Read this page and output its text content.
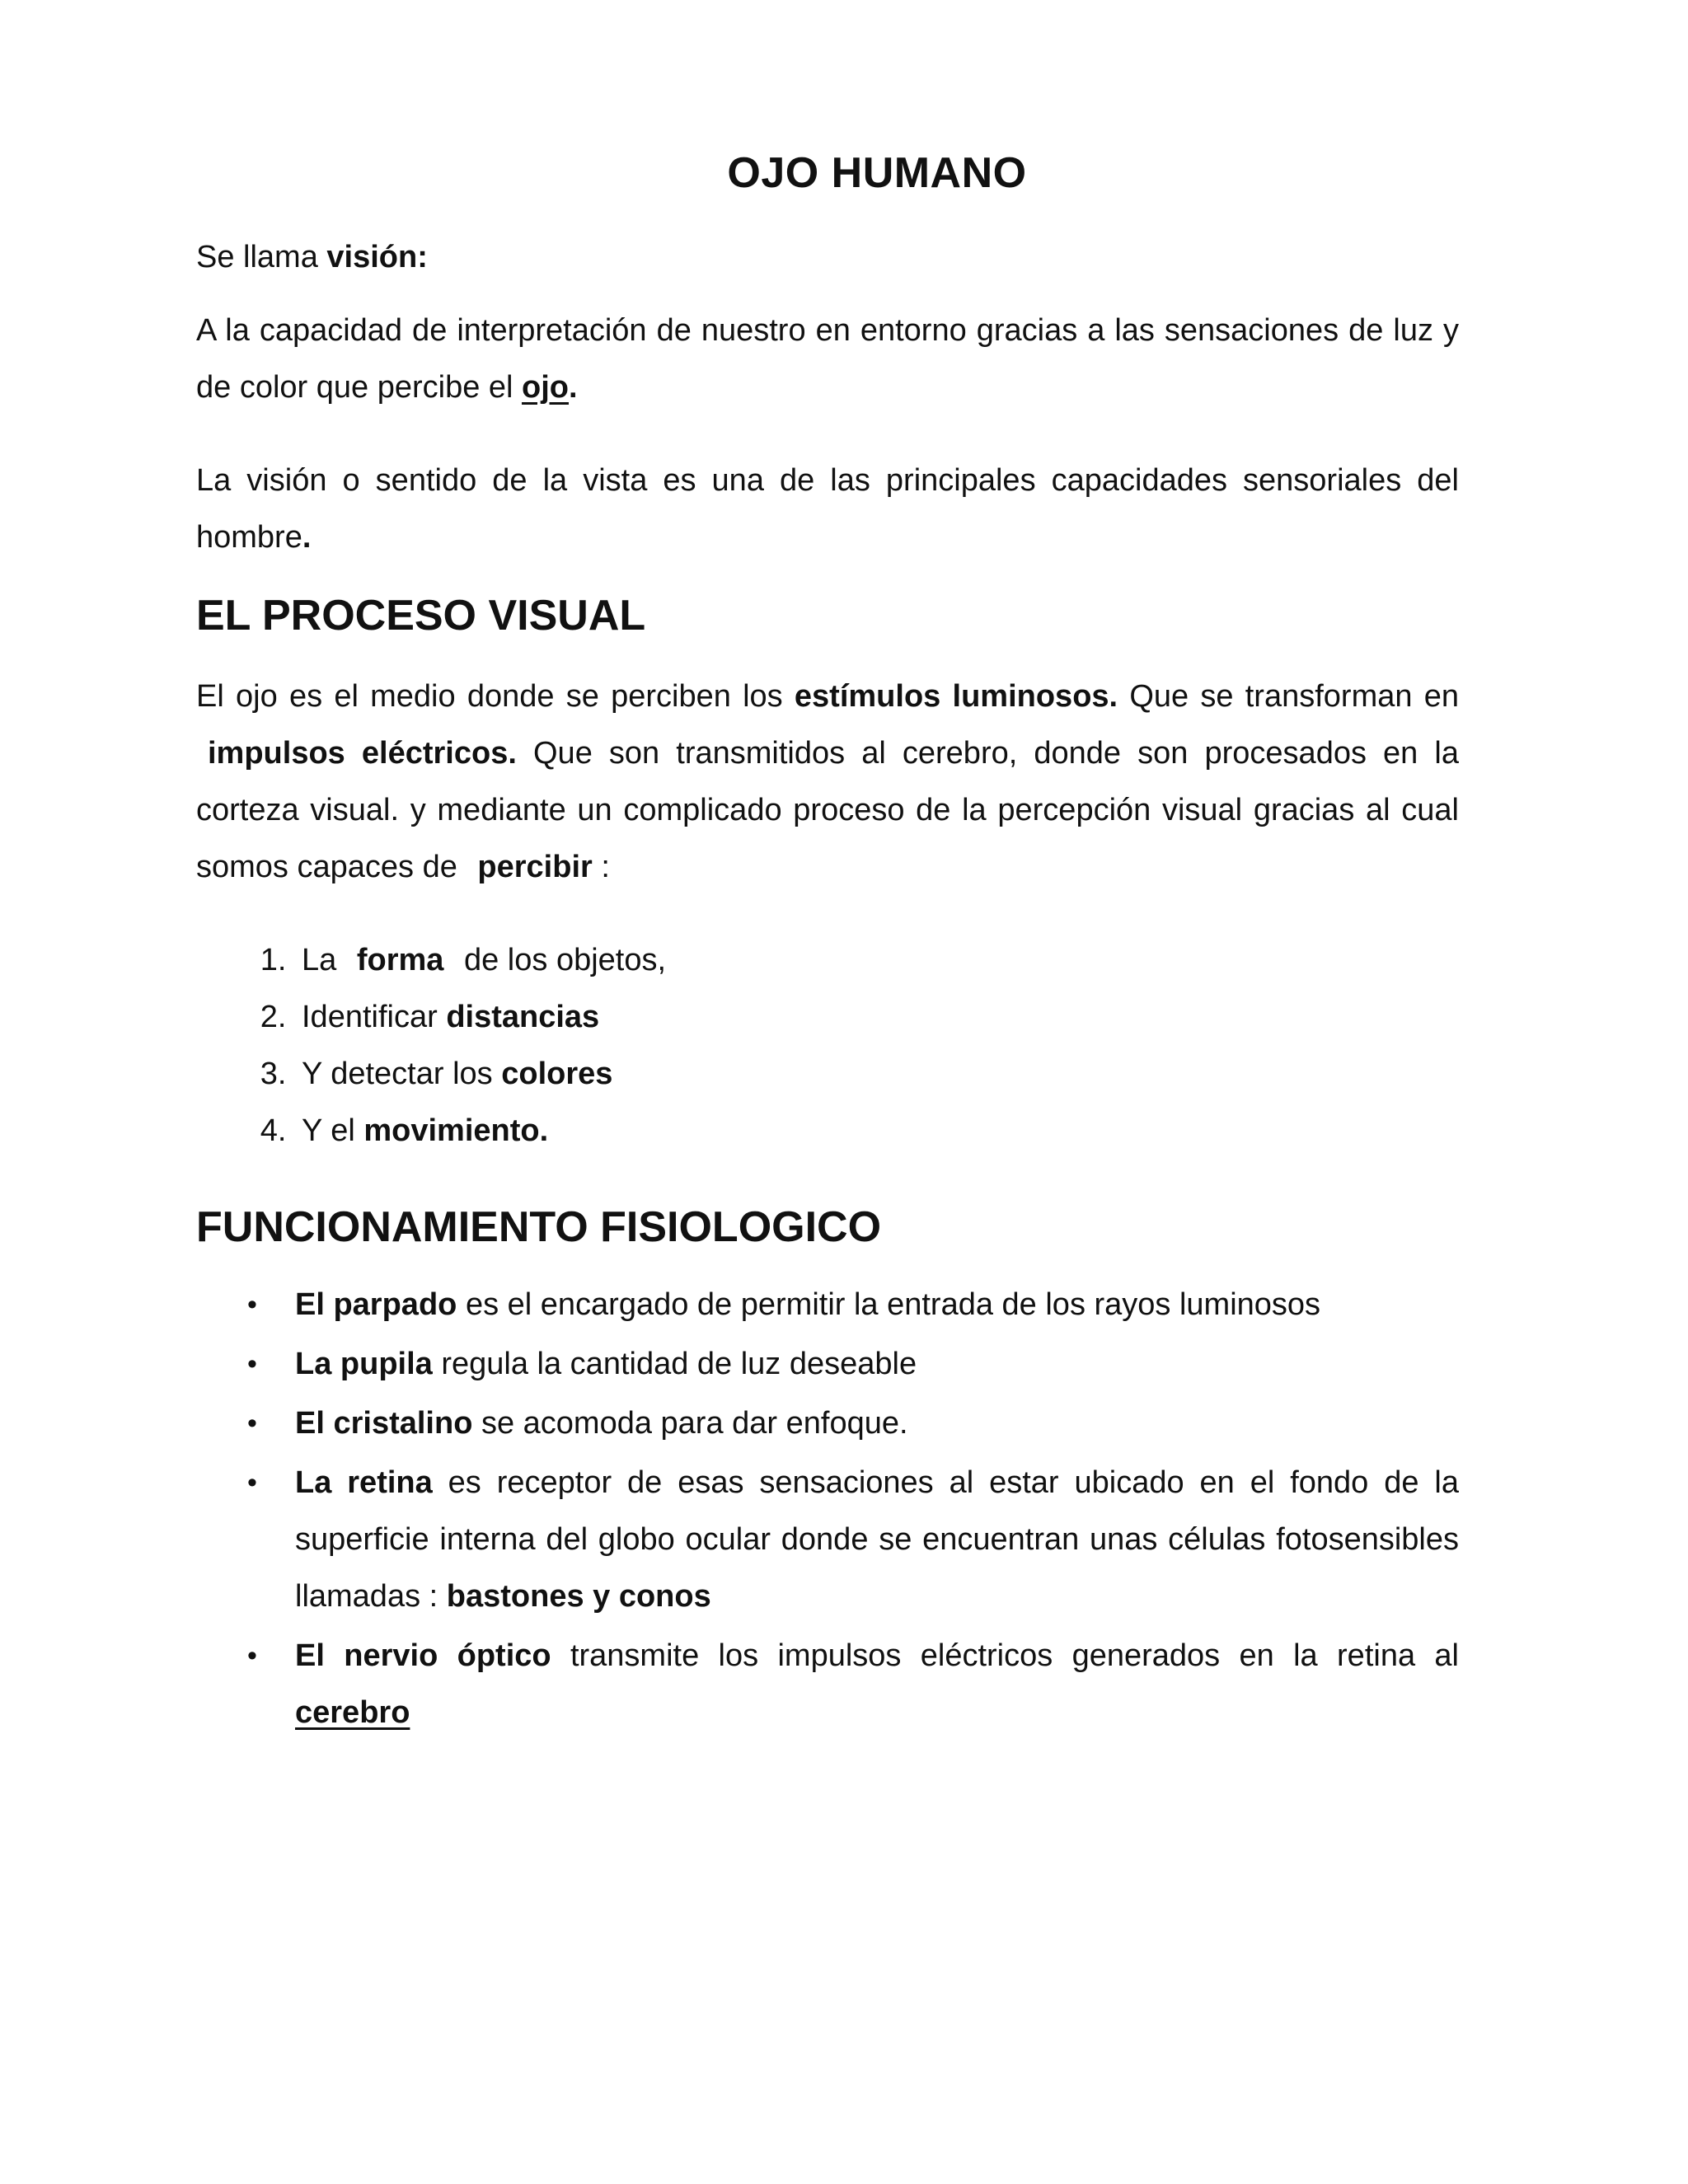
OJO HUMANO

Se llama visión:

A la capacidad de interpretación de nuestro en entorno gracias a las sensaciones de luz y de color que percibe el ojo.

La visión o sentido de la vista es una de las principales capacidades sensoriales del hombre.

EL PROCESO VISUAL

El ojo es el medio donde se perciben los estímulos luminosos. Que se transforman en impulsos eléctricos. Que son transmitidos al cerebro, donde son procesados en la corteza visual. y mediante un complicado proceso de la percepción visual gracias al cual somos capaces de percibir :

1. La forma de los objetos,
2. Identificar distancias
3. Y detectar los colores
4. Y el movimiento.
FUNCIONAMIENTO FISIOLOGICO
• El parpado es el encargado de permitir la entrada de los rayos luminosos
• La pupila regula la cantidad de luz deseable
• El cristalino se acomoda para dar enfoque.
• La retina es receptor de esas sensaciones al estar ubicado en el fondo de la superficie interna del globo ocular donde se encuentran unas células fotosensibles llamadas : bastones y conos
• El nervio óptico transmite los impulsos eléctricos generados en la retina al cerebro
